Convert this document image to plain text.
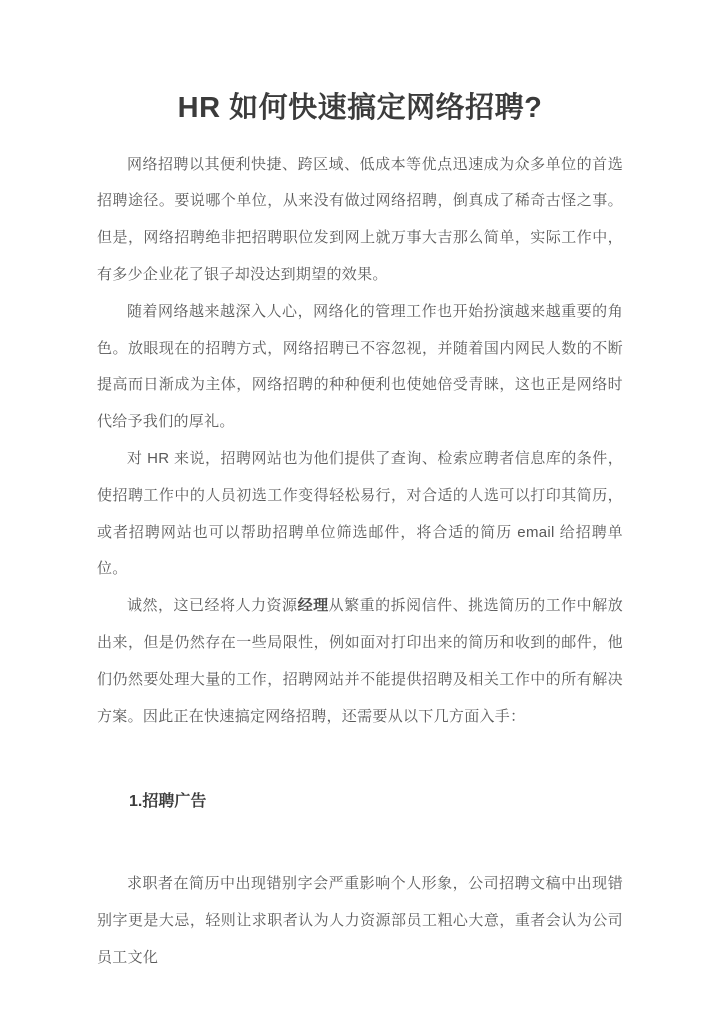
HR 如何快速搞定网络招聘?

网络招聘以其便利快捷、跨区域、低成本等优点迅速成为众多单位的首选招聘途径。要说哪个单位，从来没有做过网络招聘，倒真成了稀奇古怪之事。但是，网络招聘绝非把招聘职位发到网上就万事大吉那么简单，实际工作中，有多少企业花了银子却没达到期望的效果。

随着网络越来越深入人心，网络化的管理工作也开始扮演越来越重要的角色。放眼现在的招聘方式，网络招聘已不容忽视，并随着国内网民人数的不断提高而日渐成为主体，网络招聘的种种便利也使她倍受青睐，这也正是网络时代给予我们的厚礼。

对 HR 来说，招聘网站也为他们提供了查询、检索应聘者信息库的条件，使招聘工作中的人员初选工作变得轻松易行，对合适的人选可以打印其简历，或者招聘网站也可以帮助招聘单位筛选邮件，将合适的简历 email 给招聘单位。

诚然，这已经将人力资源经理从繁重的拆阅信件、挑选简历的工作中解放出来，但是仍然存在一些局限性，例如面对打印出来的简历和收到的邮件，他们仍然要处理大量的工作，招聘网站并不能提供招聘及相关工作中的所有解决方案。因此正在快速搞定网络招聘，还需要从以下几方面入手：

1.招聘广告

求职者在简历中出现错别字会严重影响个人形象，公司招聘文稿中出现错别字更是大忌，轻则让求职者认为人力资源部员工粗心大意，重者会认为公司员工文化
